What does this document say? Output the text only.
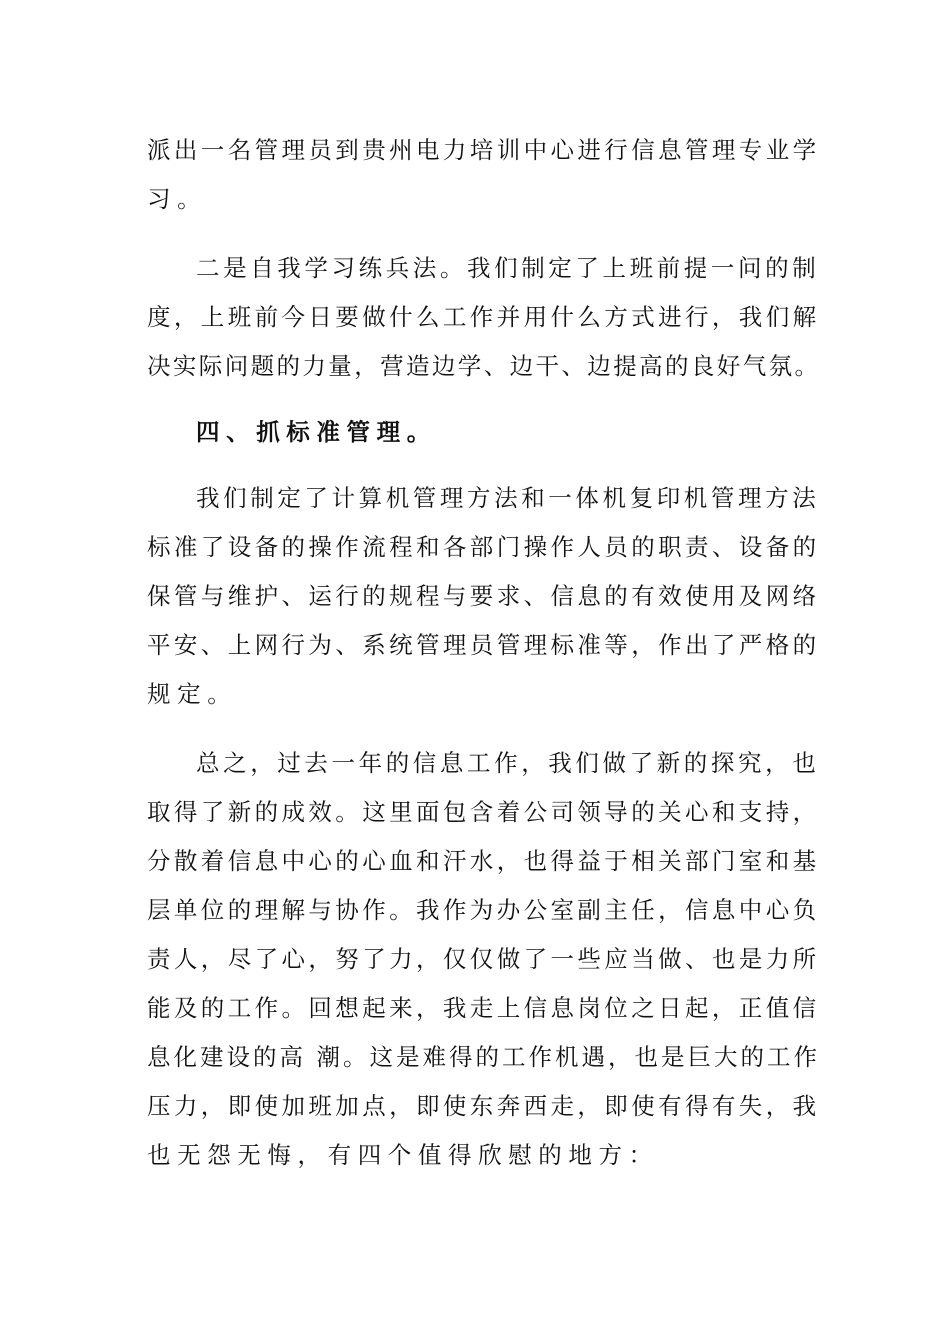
派出一名管理员到贵州电力培训中心进行信息管理专业学
习。
二是自我学习练兵法。我们制定了上班前提一问的制
度，上班前今日要做什么工作并用什么方式进行，我们解
决实际问题的力量，营造边学、边干、边提高的良好气氛。
四、抓标准管理。
我们制定了计算机管理方法和一体机复印机管理方法
标准了设备的操作流程和各部门操作人员的职责、设备的
保管与维护、运行的规程与要求、信息的有效使用及网络
平安、上网行为、系统管理员管理标准等，作出了严格的
规定。
总之，过去一年的信息工作，我们做了新的探究，也
取得了新的成效。这里面包含着公司领导的关心和支持，
分散着信息中心的心血和汗水，也得益于相关部门室和基
层单位的理解与协作。我作为办公室副主任，信息中心负
责人，尽了心，努了力，仅仅做了一些应当做、也是力所
能及的工作。回想起来，我走上信息岗位之日起，正值信
息化建设的高 潮。这是难得的工作机遇，也是巨大的工作
压力，即使加班加点，即使东奔西走，即使有得有失，我
也无怨无悔，有四个值得欣慰的地方：
